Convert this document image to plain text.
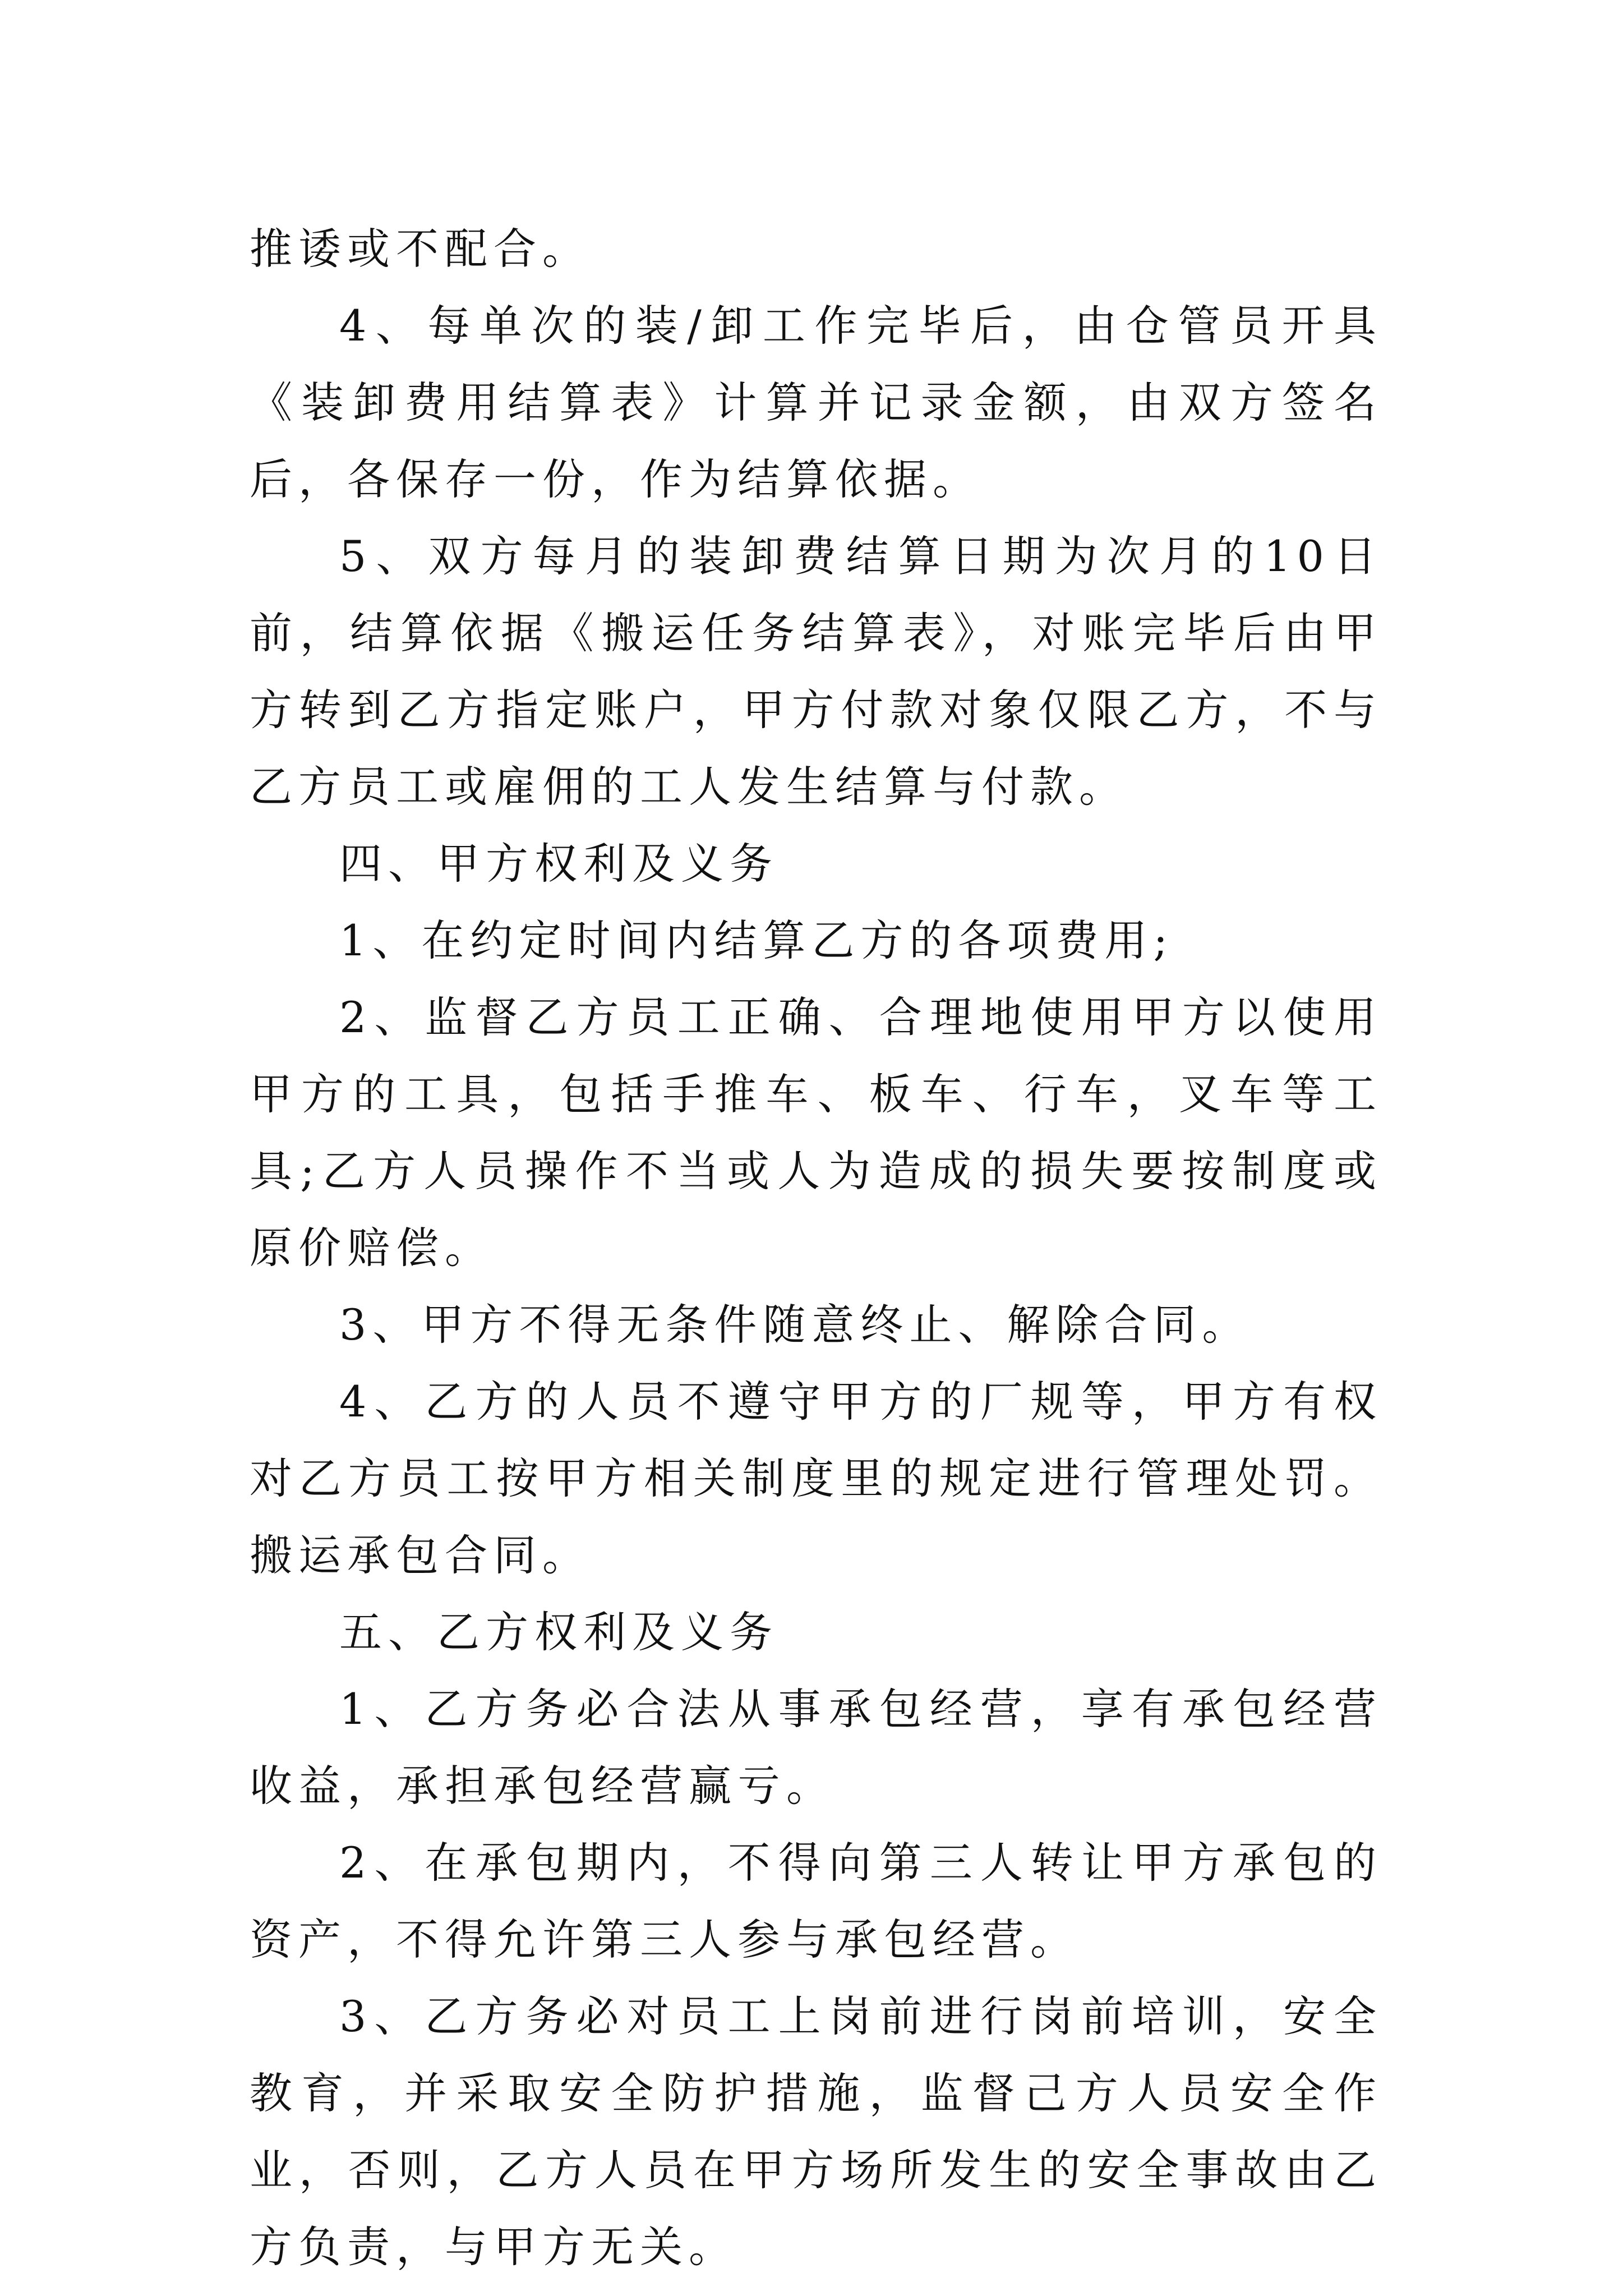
推诿或不配合。

4、每单次的装/卸工作完毕后，由仓管员开具《装卸费用结算表》计算并记录金额，由双方签名后，各保存一份，作为结算依据。

5、双方每月的装卸费结算日期为次月的10日前，结算依据《搬运任务结算表》，对账完毕后由甲方转到乙方指定账户，甲方付款对象仅限乙方，不与乙方员工或雇佣的工人发生结算与付款。

四、甲方权利及义务

1、在约定时间内结算乙方的各项费用;

2、监督乙方员工正确、合理地使用甲方以使用甲方的工具，包括手推车、板车、行车，叉车等工具;乙方人员操作不当或人为造成的损失要按制度或原价赔偿。

3、甲方不得无条件随意终止、解除合同。

4、乙方的人员不遵守甲方的厂规等，甲方有权对乙方员工按甲方相关制度里的规定进行管理处罚。搬运承包合同。

五、乙方权利及义务

1、乙方务必合法从事承包经营，享有承包经营收益，承担承包经营赢亏。

2、在承包期内，不得向第三人转让甲方承包的资产，不得允许第三人参与承包经营。

3、乙方务必对员工上岗前进行岗前培训，安全教育，并采取安全防护措施，监督己方人员安全作业，否则，乙方人员在甲方场所发生的安全事故由乙方负责，与甲方无关。
